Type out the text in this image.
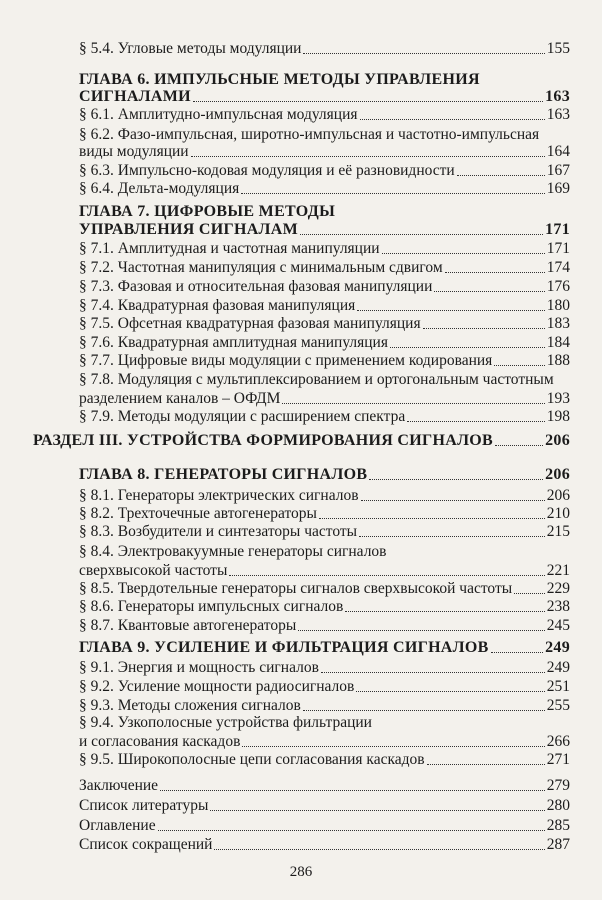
§ 5.4. Угловые методы модуляции	155
ГЛАВА 6. ИМПУЛЬСНЫЕ МЕТОДЫ УПРАВЛЕНИЯ
СИГНАЛАМИ	163
§ 6.1. Амплитудно-импульсная модуляция	163
§ 6.2. Фазо-импульсная, широтно-импульсная и частотно-импульсная
виды модуляции	164
§ 6.3. Импульсно-кодовая модуляция и её разновидности	167
§ 6.4. Дельта-модуляция	169
ГЛАВА 7. ЦИФРОВЫЕ МЕТОДЫ
УПРАВЛЕНИЯ СИГНАЛАМ	171
§ 7.1. Амплитудная и частотная манипуляции	171
§ 7.2. Частотная манипуляция с минимальным сдвигом	174
§ 7.3. Фазовая и относительная фазовая манипуляции	176
§ 7.4. Квадратурная фазовая манипуляция	180
§ 7.5. Офсетная квадратурная фазовая манипуляция	183
§ 7.6. Квадратурная амплитудная манипуляция	184
§ 7.7. Цифровые виды модуляции с применением кодирования	188
§ 7.8. Модуляция с мультиплексированием и ортогональным частотным
разделением каналов – ОФДМ	193
§ 7.9. Методы модуляции с расширением спектра	198
РАЗДЕЛ III. УСТРОЙСТВА ФОРМИРОВАНИЯ СИГНАЛОВ	206
ГЛАВА 8. ГЕНЕРАТОРЫ СИГНАЛОВ	206
§ 8.1. Генераторы электрических сигналов	206
§ 8.2. Трехточечные автогенераторы	210
§ 8.3. Возбудители и синтезаторы частоты	215
§ 8.4. Электровакуумные генераторы сигналов
сверхвысокой частоты	221
§ 8.5. Твердотельные генераторы сигналов сверхвысокой частоты 229
§ 8.6. Генераторы импульсных сигналов	238
§ 8.7. Квантовые автогенераторы	245
ГЛАВА 9. УСИЛЕНИЕ И ФИЛЬТРАЦИЯ СИГНАЛОВ	249
§ 9.1. Энергия и мощность сигналов	249
§ 9.2. Усиление мощности радиосигналов	251
§ 9.3. Методы сложения сигналов	255
§ 9.4. Узкополосные устройства фильтрации
и согласования каскадов	266
§ 9.5. Широкополосные цепи согласования каскадов	271
Заключение	279
Список литературы	280
Оглавление	285
Список сокращений	287
286
